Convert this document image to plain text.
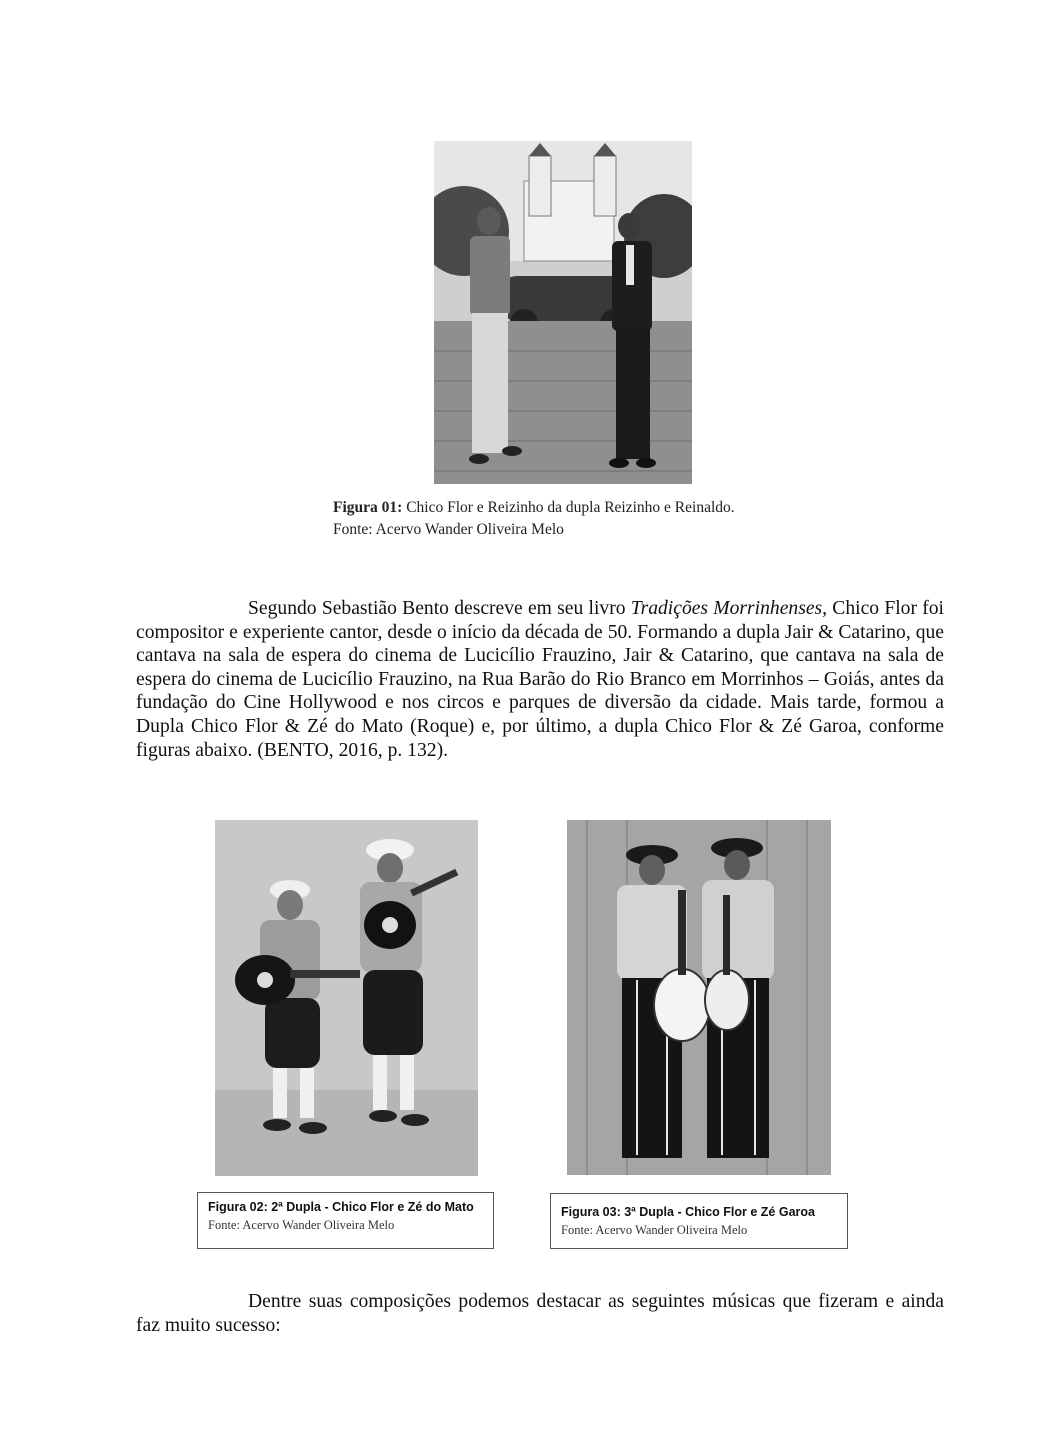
Figura 01: Chico Flor e Reizinho da dupla Reizinho e Reinaldo.
Fonte: Acervo Wander Oliveira Melo

Segundo Sebastião Bento descreve em seu livro Tradições Morrinhenses, Chico Flor foi compositor e experiente cantor, desde o início da década de 50. Formando a dupla Jair & Catarino, que cantava na sala de espera do cinema de Lucicílio Frauzino, Jair & Catarino, que cantava na sala de espera do cinema de Lucicílio Frauzino, na Rua Barão do Rio Branco em Morrinhos – Goiás, antes da fundação do Cine Hollywood e nos circos e parques de diversão da cidade. Mais tarde, formou a Dupla Chico Flor & Zé do Mato (Roque) e, por último, a dupla Chico Flor & Zé Garoa, conforme figuras abaixo. (BENTO, 2016, p. 132).

Figura 02: 2ª Dupla - Chico Flor e Zé do Mato
Fonte: Acervo Wander Oliveira Melo
Figura 03: 3ª Dupla - Chico Flor e Zé Garoa
Fonte: Acervo Wander Oliveira Melo

Dentre suas composições podemos destacar as seguintes músicas que fizeram e ainda faz muito sucesso:
